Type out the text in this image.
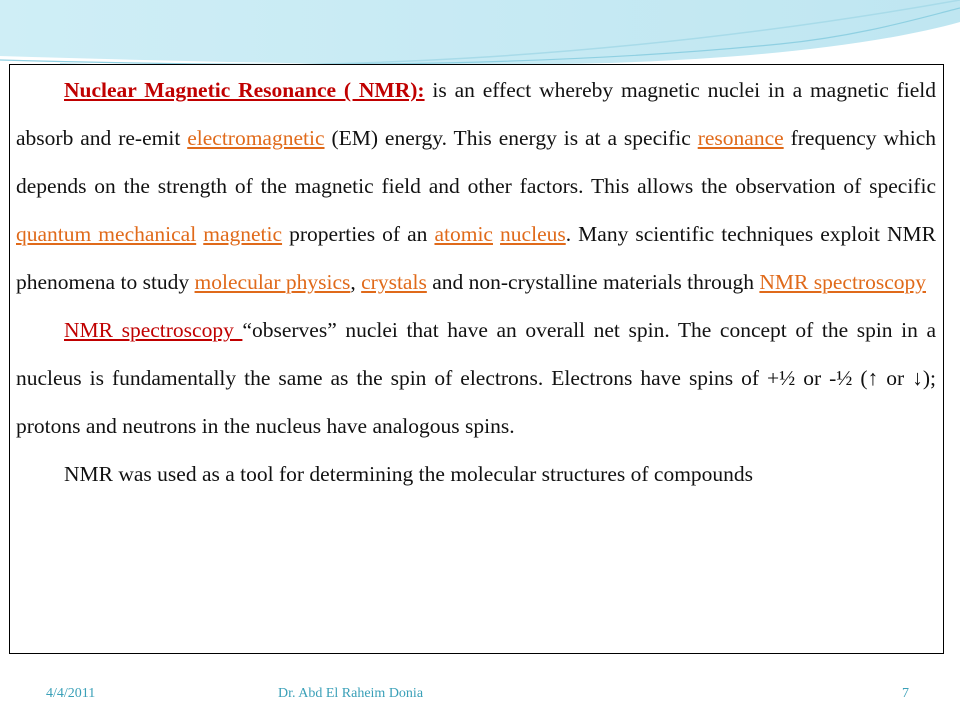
Nuclear Magnetic Resonance ( NMR): is an effect whereby magnetic nuclei in a magnetic field absorb and re-emit electromagnetic (EM) energy. This energy is at a specific resonance frequency which depends on the strength of the magnetic field and other factors. This allows the observation of specific quantum mechanical magnetic properties of an atomic nucleus. Many scientific techniques exploit NMR phenomena to study molecular physics, crystals and non-crystalline materials through NMR spectroscopy

NMR spectroscopy “observes” nuclei that have an overall net spin. The concept of the spin in a nucleus is fundamentally the same as the spin of electrons. Electrons have spins of +½ or -½ (↑ or ↓); protons and neutrons in the nucleus have analogous spins.

NMR was used as a tool for determining the molecular structures of compounds

4/4/2011	Dr. Abd El Raheim Donia	7
